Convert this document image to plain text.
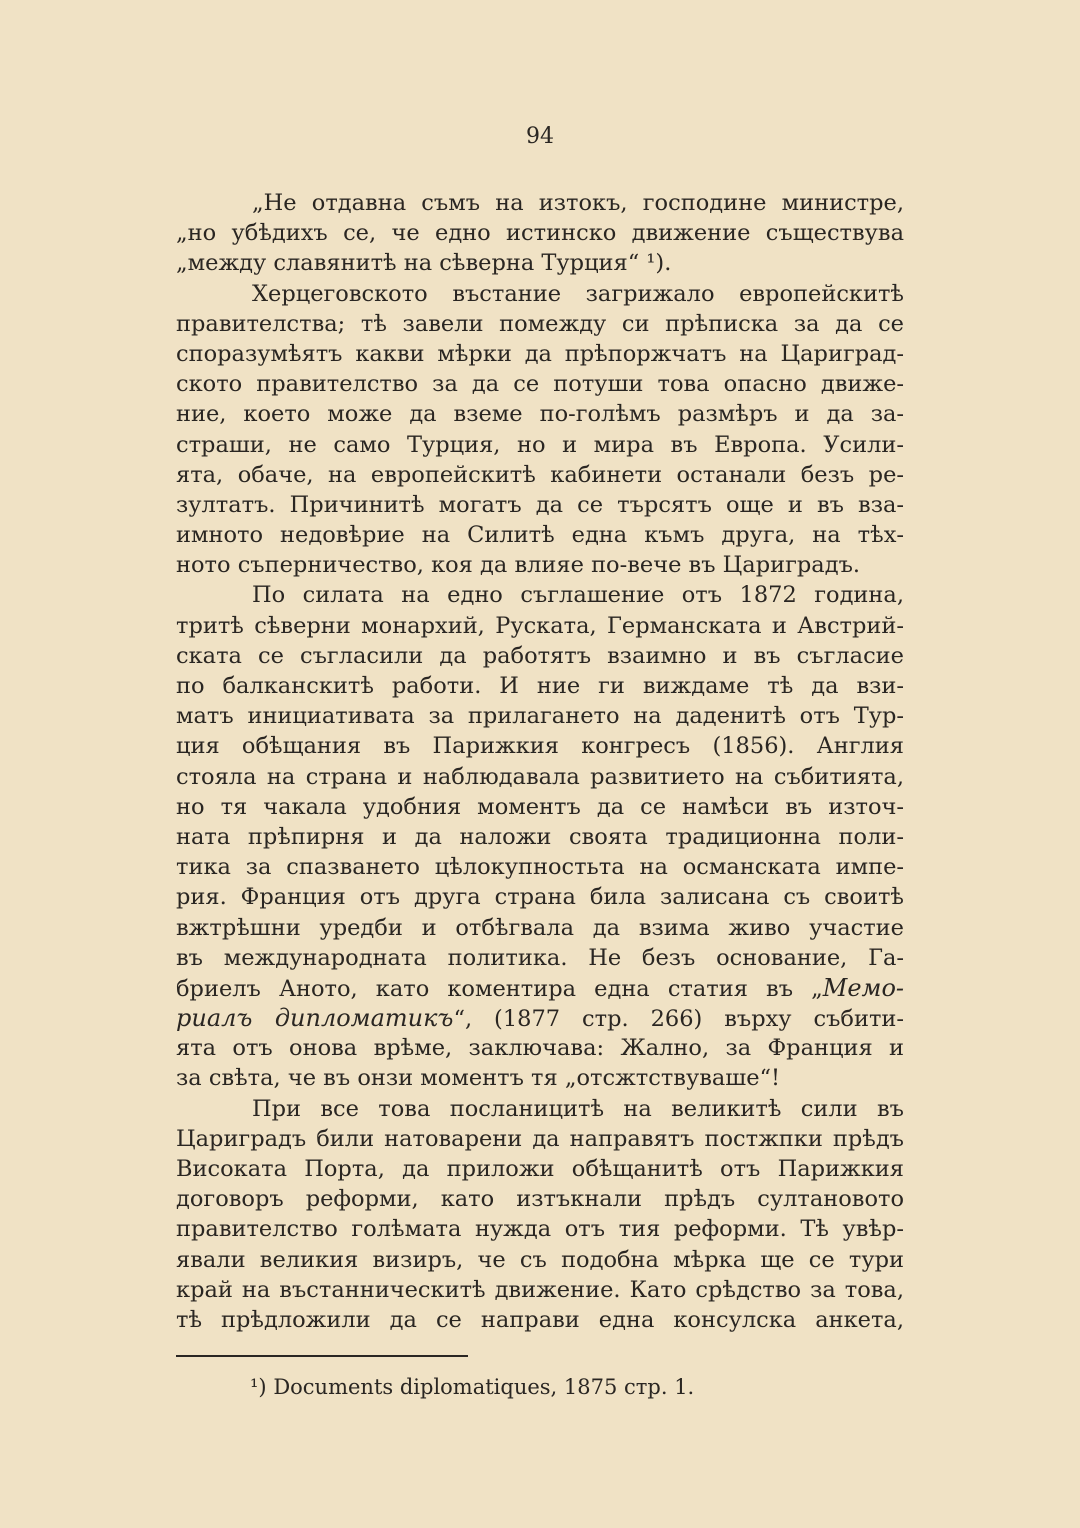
94
„Не отдавна съмъ на изтокъ, господине министре,
„но убѣдихъ се, че едно истинско движение съществува
„между славянитѣ на сѣверна Турция“ ¹).
Херцеговското въстание загрижало европейскитѣ
правителства; тѣ завели помежду си прѣписка за да се
споразумѣятъ какви мѣрки да прѣпоржчатъ на Цариград-
ското правителство за да се потуши това опасно движе-
ние, което може да вземе по-голѣмъ размѣръ и да за-
страши, не само Турция, но и мира въ Европа. Усили-
ята, обаче, на европейскитѣ кабинети останали безъ ре-
зултатъ. Причинитѣ могатъ да се търсятъ още и въ вза-
имното недовѣрие на Силитѣ една къмъ друга, на тѣх-
ното съперничество, коя да влияе по-вече въ Цариградъ.
По силата на едно съглашение отъ 1872 година,
тритѣ сѣверни монархий, Руската, Германската и Австрий-
ската се съгласили да работятъ взаимно и въ съгласие
по балканскитѣ работи. И ние ги виждаме тѣ да взи-
матъ инициативата за прилагането на даденитѣ отъ Тур-
ция обѣщания въ Парижкия конгресъ (1856). Англия
стояла на страна и наблюдавала развитието на събитията,
но тя чакала удобния моментъ да се намѣси въ източ-
ната прѣпирня и да наложи своята традиционна поли-
тика за спазването цѣлокупностьта на османската импе-
рия. Франция отъ друга страна била залисана съ своитѣ
вжтрѣшни уредби и отбѣгвала да взима живо участие
въ международната политика. Не безъ основание, Га-
бриелъ Аното, като коментира една статия въ „Мемо-
риалъ дипломатикъ“, (1877 стр. 266) върху събити-
ята отъ онова врѣме, заключава: Жално, за Франция и
за свѣта, че въ онзи моментъ тя „отсжтствуваше“!
При все това посланицитѣ на великитѣ сили въ
Цариградъ били натоварени да направятъ постжпки прѣдъ
Високата Порта, да приложи обѣщанитѣ отъ Парижкия
договоръ реформи, като изтъкнали прѣдъ султановото
правителство голѣмата нужда отъ тия реформи. Тѣ увѣр-
явали великия визиръ, че съ подобна мѣрка ще се тури
край на въстанническитѣ движение. Като срѣдство за това,
тѣ прѣдложили да се направи една консулска анкета,
¹) Documents diplomatiques, 1875 стр. 1.
